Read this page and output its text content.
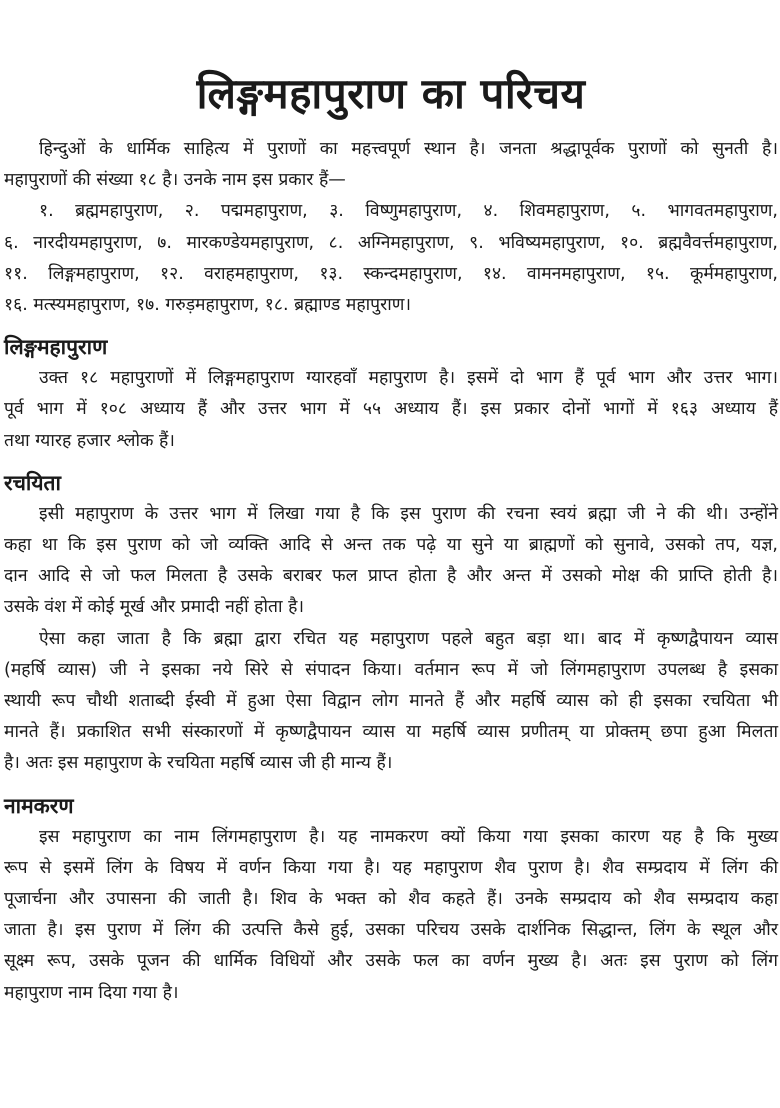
लिङ्गमहापुराण का परिचय
हिन्दुओं के धार्मिक साहित्य में पुराणों का महत्त्वपूर्ण स्थान है। जनता श्रद्धापूर्वक पुराणों को सुनती है।
महापुराणों की संख्या १८ है। उनके नाम इस प्रकार हैं—
१. ब्रह्ममहापुराण, २. पद्ममहापुराण, ३. विष्णुमहापुराण, ४. शिवमहापुराण, ५. भागवतमहापुराण,
६. नारदीयमहापुराण, ७. मारकण्डेयमहापुराण, ८. अग्निमहापुराण, ९. भविष्यमहापुराण, १०. ब्रह्मवैवर्त्तमहापुराण,
११. लिङ्गमहापुराण, १२. वराहमहापुराण, १३. स्कन्दमहापुराण, १४. वामनमहापुराण, १५. कूर्ममहापुराण,
१६. मत्स्यमहापुराण, १७. गरुड़महापुराण, १८. ब्रह्माण्ड महापुराण।
लिङ्गमहापुराण
उक्त १८ महापुराणों में लिङ्गमहापुराण ग्यारहवाँ महापुराण है। इसमें दो भाग हैं पूर्व भाग और उत्तर भाग।
पूर्व भाग में १०८ अध्याय हैं और उत्तर भाग में ५५ अध्याय हैं। इस प्रकार दोनों भागों में १६३ अध्याय हैं
तथा ग्यारह हजार श्लोक हैं।
रचयिता
इसी महापुराण के उत्तर भाग में लिखा गया है कि इस पुराण की रचना स्वयं ब्रह्मा जी ने की थी। उन्होंने
कहा था कि इस पुराण को जो व्यक्ति आदि से अन्त तक पढ़े या सुने या ब्राह्मणों को सुनावे, उसको तप, यज्ञ,
दान आदि से जो फल मिलता है उसके बराबर फल प्राप्त होता है और अन्त में उसको मोक्ष की प्राप्ति होती है।
उसके वंश में कोई मूर्ख और प्रमादी नहीं होता है।
ऐसा कहा जाता है कि ब्रह्मा द्वारा रचित यह महापुराण पहले बहुत बड़ा था। बाद में कृष्णद्वैपायन व्यास
(महर्षि व्यास) जी ने इसका नये सिरे से संपादन किया। वर्तमान रूप में जो लिंगमहापुराण उपलब्ध है इसका
स्थायी रूप चौथी शताब्दी ईस्वी में हुआ ऐसा विद्वान लोग मानते हैं और महर्षि व्यास को ही इसका रचयिता भी
मानते हैं। प्रकाशित सभी संस्कारणों में कृष्णद्वैपायन व्यास या महर्षि व्यास प्रणीतम् या प्रोक्तम् छपा हुआ मिलता
है। अतः इस महापुराण के रचयिता महर्षि व्यास जी ही मान्य हैं।
नामकरण
इस महापुराण का नाम लिंगमहापुराण है। यह नामकरण क्यों किया गया इसका कारण यह है कि मुख्य
रूप से इसमें लिंग के विषय में वर्णन किया गया है। यह महापुराण शैव पुराण है। शैव सम्प्रदाय में लिंग की
पूजार्चना और उपासना की जाती है। शिव के भक्त को शैव कहते हैं। उनके सम्प्रदाय को शैव सम्प्रदाय कहा
जाता है। इस पुराण में लिंग की उत्पत्ति कैसे हुई, उसका परिचय उसके दार्शनिक सिद्धान्त, लिंग के स्थूल और
सूक्ष्म रूप, उसके पूजन की धार्मिक विधियों और उसके फल का वर्णन मुख्य है। अतः इस पुराण को लिंग
महापुराण नाम दिया गया है।
